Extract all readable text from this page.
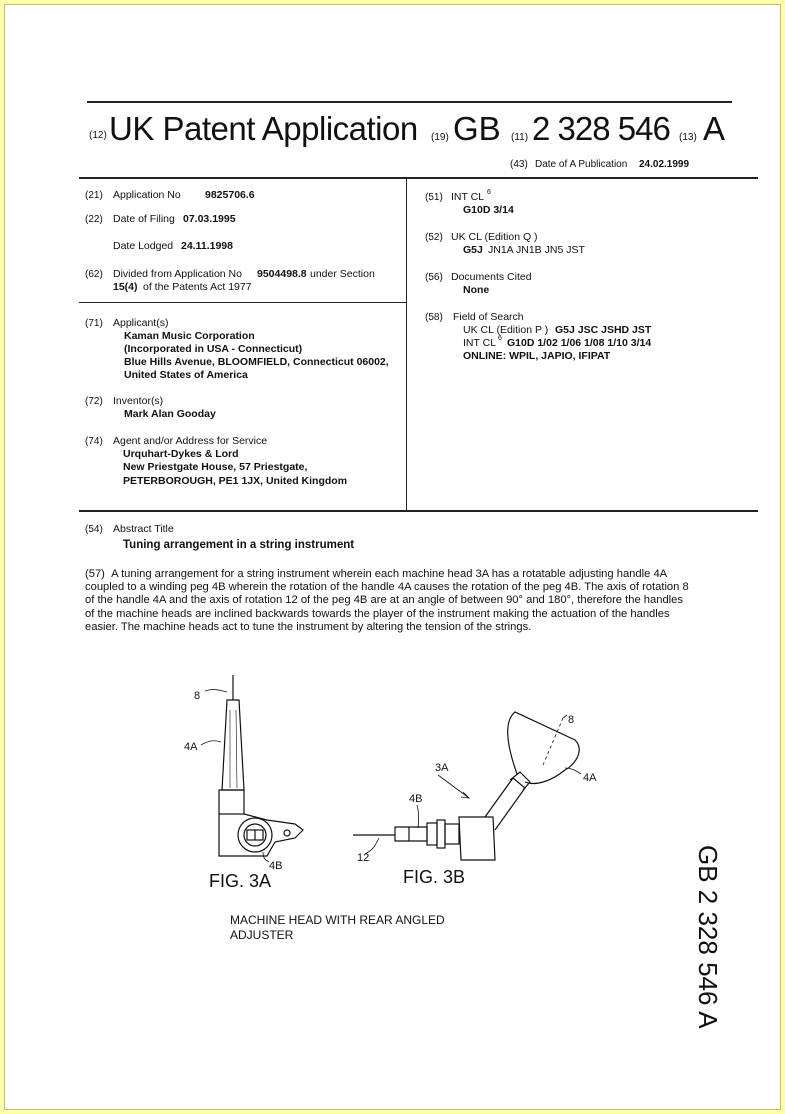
(12) UK Patent Application (19) GB (11) 2 328 546 (13) A
(43) Date of A Publication 24.02.1999
(21) Application No 9825706.6
(22) Date of Filing 07.03.1995
Date Lodged 24.11.1998
(62) Divided from Application No 9504498.8 under Section
15(4) of the Patents Act 1977
(71) Applicant(s)
Kaman Music Corporation
(Incorporated in USA - Connecticut)
Blue Hills Avenue, BLOOMFIELD, Connecticut 06002,
United States of America
(72) Inventor(s)
Mark Alan Gooday
(74) Agent and/or Address for Service
Urquhart-Dykes & Lord
New Priestgate House, 57 Priestgate,
PETERBOROUGH, PE1 1JX, United Kingdom
(51) INT CL 6
G10D 3/14
(52) UK CL (Edition Q )
G5J JN1A JN1B JN5 JST
(56) Documents Cited
None
(58) Field of Search
UK CL (Edition P ) G5J JSC JSHD JST
INT CL 6 G10D 1/02 1/06 1/08 1/10 3/14
ONLINE: WPIL, JAPIO, IFIPAT
(54) Abstract Title
Tuning arrangement in a string instrument
(57) A tuning arrangement for a string instrument wherein each machine head 3A has a rotatable adjusting handle 4A coupled to a winding peg 4B wherein the rotation of the handle 4A causes the rotation of the peg 4B. The axis of rotation 8 of the handle 4A and the axis of rotation 12 of the peg 4B are at an angle of between 90° and 180°, therefore the handles of the machine heads are inclined backwards towards the player of the instrument making the actuation of the handles easier. The machine heads act to tune the instrument by altering the tension of the strings.
8
4A
4B
3A
8
4A
4B
12
FIG. 3A	FIG. 3B
MACHINE HEAD WITH REAR ANGLED
ADJUSTER	GB 2 328 546 A
